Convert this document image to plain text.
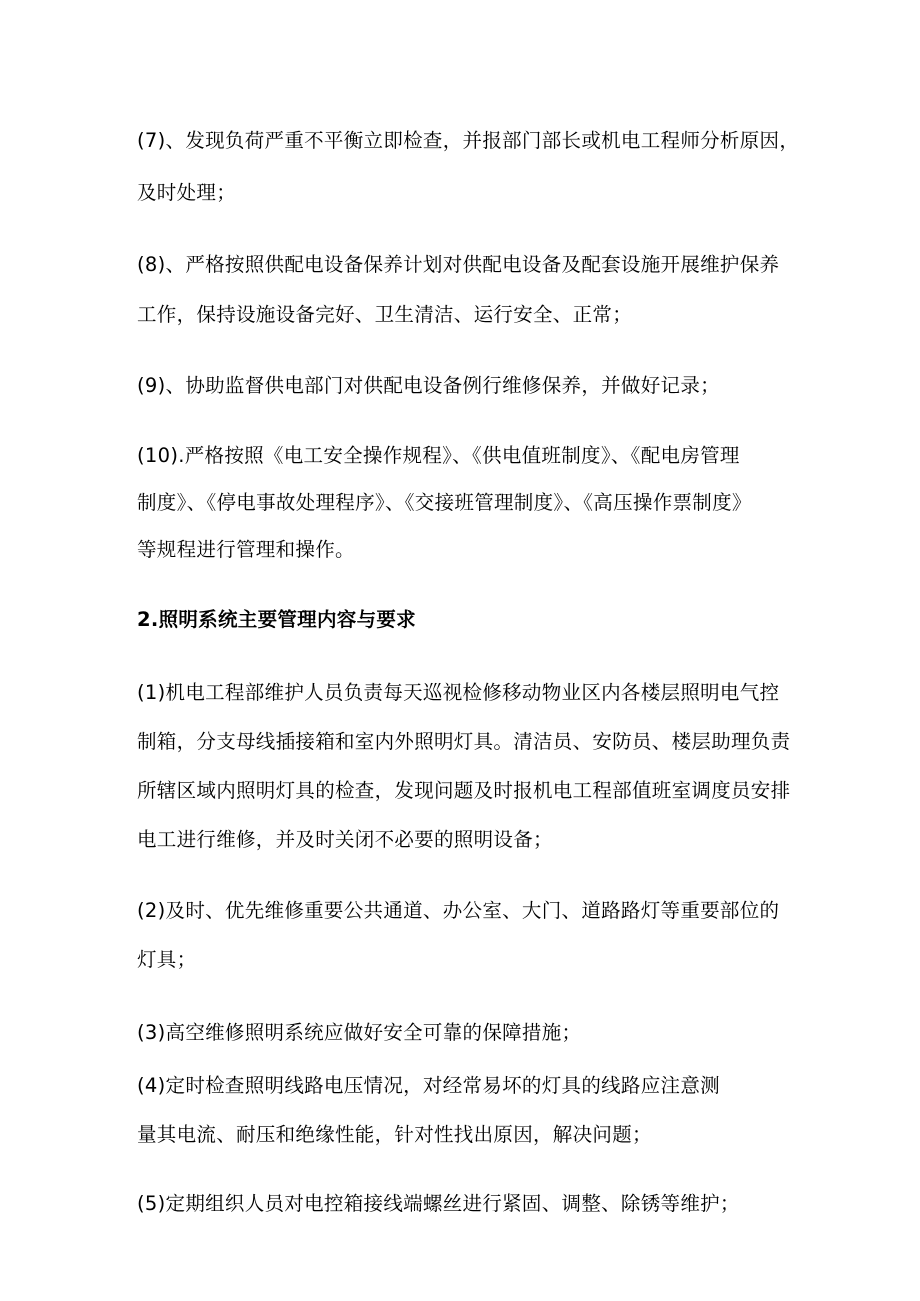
(7)、发现负荷严重不平衡立即检查，并报部门部长或机电工程师分析原因，
及时处理；
(8)、严格按照供配电设备保养计划对供配电设备及配套设施开展维护保养
工作，保持设施设备完好、卫生清洁、运行安全、正常；
(9)、协助监督供电部门对供配电设备例行维修保养，并做好记录；
(10).严格按照《电工安全操作规程》、《供电值班制度》、《配电房管理
制度》、《停电事故处理程序》、《交接班管理制度》、《高压操作票制度》
等规程进行管理和操作。
2.照明系统主要管理内容与要求
(1)机电工程部维护人员负责每天巡视检修移动物业区内各楼层照明电气控
制箱，分支母线插接箱和室内外照明灯具。清洁员、安防员、楼层助理负责
所辖区域内照明灯具的检查，发现问题及时报机电工程部值班室调度员安排
电工进行维修，并及时关闭不必要的照明设备；
(2)及时、优先维修重要公共通道、办公室、大门、道路路灯等重要部位的
灯具；
(3)高空维修照明系统应做好安全可靠的保障措施；
(4)定时检查照明线路电压情况，对经常易坏的灯具的线路应注意测
量其电流、耐压和绝缘性能，针对性找出原因，解决问题；
(5)定期组织人员对电控箱接线端螺丝进行紧固、调整、除锈等维护；
